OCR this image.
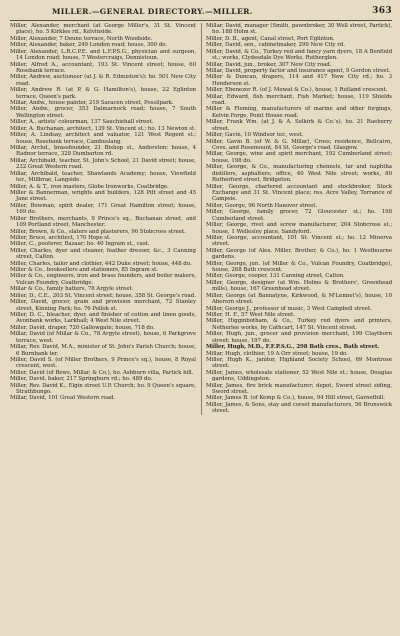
MILLER.—GENERAL DIRECTORY.—MILLER.	363
Miller, Alexander, merchant (at George Miller's, 31 St. Vincent place), ho. 5 Kirklee rd., Kelvinside.
Miller, Alexander, 7 Doune terrace, North Woodside.
Miller, Alexander, baker, 249 London road; house, 300 do.
Miller, Alexander, L.R.C.P.E. and L.F.P.S.G., physician and surgeon, 14 London road; house, 7 Westercraigs, Dennistoun.
Miller, Alfred A., accountant, 193 St. Vincent street; house, 60 Rosebank terrace.
Miller, Andrew, auctioneer (at J. & R. Edmiston's); ho. 501 New City road.
Miller, Andrew R. (at P. & G. Hamilton's), house, 22 Eglinton terrace, Queen's park.
Millar, Andw., house painter, 219 Saracen street, Possilpark.
Miller, Andw., grocer, 353 Dalmarnock road; house, 7 South Wellington street.
Miller, A., artists' colourman, 137 Sauchiehall street.
Miller, A. Buchanan, architect, 139 St. Vincent st.; ho. 13 Newton st.
Miller, A. Lindsay, architect and valuator, 121 West Regent st.; house, Rosebank terrace, Cambuslang.
Millar, Archd., brassfounder, 21 Bishop st., Anderston; house, 4 Radnor terrace, 328 Dumbarton rd.
Millar, Archibald, teacher, St. John's School, 21 David street; house, 232 Great Western road.
Millar, Archibald, teacher, Shawlands Academy; house, Viewfield ter., Millbrae, Langside.
Miller, A. & T., iron masters, Globe Ironworks, Coatbridge.
Miller & Bannerman, wrights and builders, 128 Pitt street and 45 Jane street.
Miller, Bowman, spirit dealer, 171 Great Hamilton street; house, 169 do.
Miller Brothers, merchants, 9 Prince's sq., Buchanan street, and 109 Portland street, Manchester.
Miller, Brown, & Co., slaters and plasterers, 96 Stobcross street.
Miller, Bruce, architect, 170 Hope st.
Miller, C., pouterer, Bazaar; ho. 40 Ingram st., cast.
Miller, Charles, dyer and cleaner, feather dresser, &c., 3 Canning street, Calton.
Miller, Charles, tailor and clothier, 442 Duke street; house, 448 do.
Miller & Co., booksellers and stationers, 85 Ingram st.
Miller & Co., engineers, iron and brass founders, and boiler makers, Vulcan Foundry, Coatbridge.
Millar & Co., family hatters, 78 Argyle street.
Miller, D., C.E., 203 St. Vincent street; house, 358 St. George's road.
Miller, David, grocer, grain and provision merchant, 72 Stanley street, Kinning Park; ho. 76 Pollok st.
Miller, D. C., bleacher, dyer, and finisher of cotton and linen goods, Avonbank works, Larkhall; 4 West Nile street.
Miller, David, draper, 720 Gallowgate; house, 718 do.
Millar, David (of Millar & Co., 78 Argyle street), house, 6 Parkgrove terrace, west.
Millar, Rev. David, M.A., minister of St. John's Parish Church; house, 6 Burnbank ter.
Miller, David S. (of Miller Brothers, 9 Prince's sq.), house, 8 Royal crescent, west.
Miller, David (of Bews, Millar, & Co.), ho. Ashburn villa, Partick hill.
Miller, David, baker, 217 Springburn rd.; ho. 489 do.
Miller, Rev. David K., Elgin street U.P. Church; ho. 9 Queen's square, Strathbungo.
Millar, David, 101 Great Western road.
Millar, David, manager (Smith, pawnbroker, 30 Well street, Partick), ho. 188 Holm st.
Miller, D. B., agent, Canal street, Port Eglinton.
Miller, David, sen., cabinetmaker, 299 New City rd.
Miller, David, & Co., Turkey red and fancy yarn dyers, 18 A Benfield st.; works, Clydesdale Dye Works, Rutherglen.
Millar, David, jun., broker, 307 New City road.
Millar, David, property factor and insurance agent, 9 Gordon street.
Miller & Duncan, drapers, 114 and 417 New City rd.; ho. 3 Henderson st.
Miller, Ebenezer R. (of J. Mowat & Co.), house, 1 Rutland crescent.
Millar, Edward, fish merchant, Fish Market; house, 119 Shields road.
Miller & Fleming, manufacturers of marine and other forgings, Kelvin Forge, Point House road.
Miller, Frank Wm. (at J. & A. Selkirk & Co.'s), ho. 21 Raeberry street.
Miller, Gavin, 10 Windsor ter., west.
Miller, Gavin B. (of W. & G. Millar), Cross; residence, Bellcairn, Cove, and Rosemount, 84 St. George's road, Glasgow.
Millar, George, wine and spirit merchant, 192 Cumberland street; house, 198 do.
Miller, George, & Co., manufacturing chemists, tar and naphtha distillers, asphalters; office, 40 West Nile street; works, 80 Rutherford street, Bridgeton.
Miller, George, chartered accountant and stockbroker, Stock Exchange and 31 St. Vincent place; res. Acre Valley, Torrance of Campsie.
Miller, George, 96 North Hanover street.
Miller, George, family grocer, 72 Gloucester st.; ho. 198 Cumberland street.
Miller, George, rivet and screw manufacturer, 204 Stobcross st.; house, 1 Wellesley place, Sandyford.
Miller, George, accountant, 101 St. Vincent st.; ho. 12 Minerva street.
Miller, George (of Alex. Miller, Brother, & Co.), ho. 1 Westbourne gardens.
Miller, George, jun. (of Miller & Co., Vulcan Foundry, Coatbridge), house, 268 Bath crescent.
Miller, George, cooper, 131 Canning street, Calton.
Miller, George, designer (at Wm. Holms & Brothers', Greenhead mills), house, 167 Greenhead street.
Miller, George (at Bannatyne, Kirkwood, & M'Lennet's), house, 10 Aberorn street.
Miller, George J., professor of music, 3 West Campbell street.
Miller, H. F., 57 West Nile street.
Miller, Higginbotham, & Co., Turkey red dyers and printers, Netherlee works, by Cathcart, 147 St. Vincent street.
Miller, Hugh, jun., grocer and provision merchant, 199 Claythorn street; house, 197 do.
Miller, Hugh, M.D., F.F.P.S.G., 298 Bath cres., Bath street.
Millar, Hugh, clothier, 19 A Orr street; house, 19 do.
Miller, Hugh K., janitor, Highland Society School, 69 Montrose street.
Miller, James, wholesale stationer, 52 West Nile st.; house, Douglas gardens, Uddingston.
Miller, James, fire brick manufacturer; depot, Sword street siding, Sword street.
Miller, James B. (of Kemp & Co.), house, 94 Hill street, Garnethill.
Miller, James, & Sons, stay and corset manufacturers, 56 Brunswick street.
